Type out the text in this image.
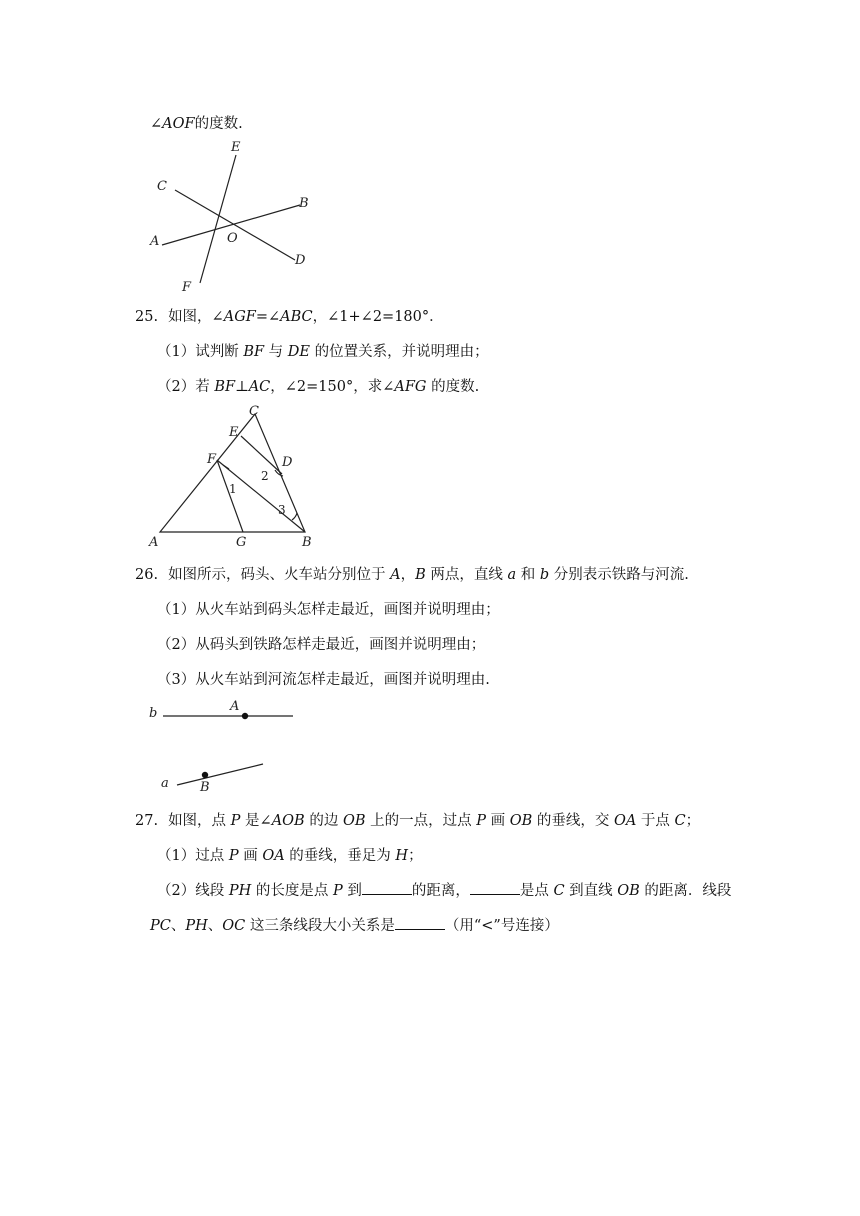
∠AOF的度数.
E
C
B
A	O
D
F
25. 如图，∠AGF=∠ABC，∠1+∠2=180°．
（1）试判断 BF 与 DE 的位置关系，并说明理由；
（2）若 BF⊥AC，∠2=150°，求∠AFG 的度数.
C
E
F	D
1
2
3
A	G	B
26. 如图所示，码头、火车站分别位于 A，B 两点，直线 a 和 b 分别表示铁路与河流.
（1）从火车站到码头怎样走最近，画图并说明理由；
（2）从码头到铁路怎样走最近，画图并说明理由；
（3）从火车站到河流怎样走最近，画图并说明理由.
b	A
a B
27. 如图，点 P 是∠AOB 的边 OB 上的一点，过点 P 画 OB 的垂线，交 OA 于点 C；
（1）过点 P 画 OA 的垂线，垂足为 H；
（2）线段 PH 的长度是点 P 到	的距离，	是点 C 到直线 OB 的距离．线段
PC、PH、OC 这三条线段大小关系是	（用“<”号连接）
